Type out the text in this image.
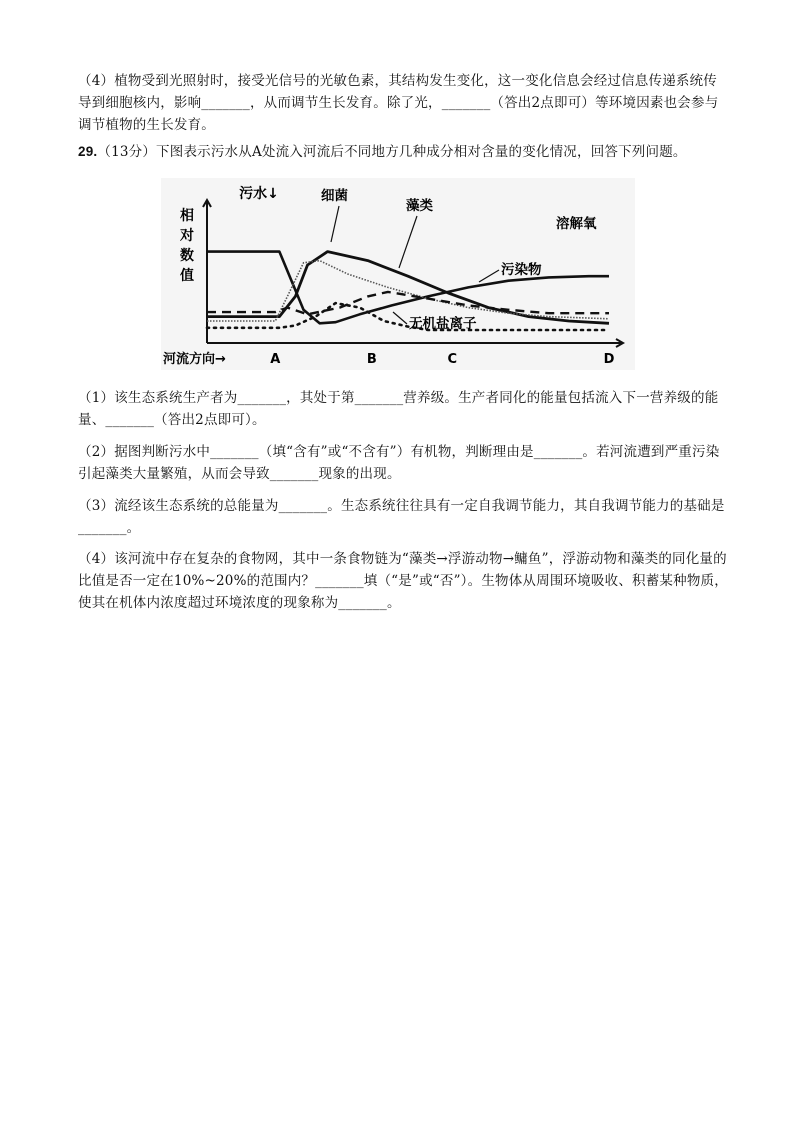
（4）植物受到光照射时，接受光信号的光敏色素，其结构发生变化，这一变化信息会经过信息传递系统传导到细胞核内，影响_______，从而调节生长发育。除了光，_______（答出2点即可）等环境因素也会参与调节植物的生长发育。
29.（13分）下图表示污水从A处流入河流后不同地方几种成分相对含量的变化情况，回答下列问题。
相
对
数
值
河流方向→	A	B	C	D
污水↓
溶解氧
污染物
细菌
藻类
无机盐离子
（1）该生态系统生产者为_______，其处于第_______营养级。生产者同化的能量包括流入下一营养级的能量、_______（答出2点即可）。
（2）据图判断污水中_______（填“含有”或“不含有”）有机物，判断理由是_______。若河流遭到严重污染引起藻类大量繁殖，从而会导致_______现象的出现。
（3）流经该生态系统的总能量为_______。生态系统往往具有一定自我调节能力，其自我调节能力的基础是_______。
（4）该河流中存在复杂的食物网，其中一条食物链为“藻类→浮游动物→鳙鱼”，浮游动物和藻类的同化量的比值是否一定在10%~20%的范围内？_______填（“是”或“否”）。生物体从周围环境吸收、积蓄某种物质，使其在机体内浓度超过环境浓度的现象称为_______。
